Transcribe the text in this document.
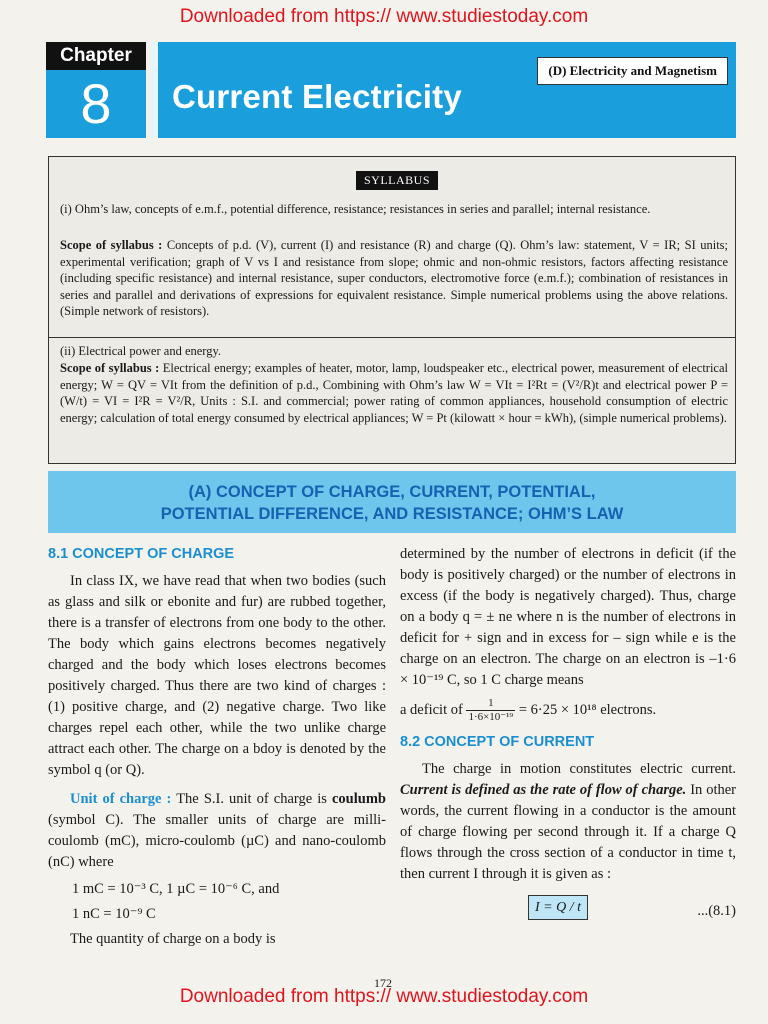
Downloaded from https:// www.studiestoday.com
Chapter
8	Current Electricity
(D) Electricity and Magnetism
SYLLABUS
(i) Ohm’s law, concepts of e.m.f., potential difference, resistance; resistances in series and parallel; internal resistance.
Scope of syllabus : Concepts of p.d. (V), current (I) and resistance (R) and charge (Q). Ohm’s law: statement, V = IR; SI units; experimental verification; graph of V vs I and resistance from slope; ohmic and non-ohmic resistors, factors affecting resistance (including specific resistance) and internal resistance, super conductors, electromotive force (e.m.f.); combination of resistances in series and parallel and derivations of expressions for equivalent resistance. Simple numerical problems using the above relations. (Simple network of resistors).
(ii) Electrical power and energy.
Scope of syllabus : Electrical energy; examples of heater, motor, lamp, loudspeaker etc., electrical power, measurement of electrical energy; W = QV = VIt from the definition of p.d., Combining with Ohm’s law W = VIt = I²Rt = (V²/R)t and electrical power P = (W/t) = VI = I²R = V²/R, Units : S.I. and commercial; power rating of common appliances, household consumption of electric energy; calculation of total energy consumed by electrical appliances; W = Pt (kilowatt × hour = kWh), (simple numerical problems).
(A) CONCEPT OF CHARGE, CURRENT, POTENTIAL,
POTENTIAL DIFFERENCE, AND RESISTANCE; OHM’S LAW

8.1 CONCEPT OF CHARGE

In class IX, we have read that when two bodies (such as glass and silk or ebonite and fur) are rubbed together, there is a transfer of electrons from one body to the other. The body which gains electrons becomes negatively charged and the body which loses electrons becomes positively charged. Thus there are two kind of charges : (1) positive charge, and (2) negative charge. Two like charges repel each other, while the two unlike charge attract each other. The charge on a bdoy is denoted by the symbol q (or Q).

Unit of charge : The S.I. unit of charge is coulumb (symbol C). The smaller units of charge are milli-coulomb (mC), micro-coulomb (µC) and nano-coulomb (nC) where

1 mC = 10⁻³ C, 1 µC = 10⁻⁶ C, and

1 nC = 10⁻⁹ C

The quantity of charge on a body is

determined by the number of electrons in deficit (if the body is positively charged) or the number of electrons in excess (if the body is negatively charged). Thus, charge on a body q = ± ne where n is the number of electrons in deficit for + sign and in excess for – sign while e is the charge on an electron. The charge on an electron is –1·6 × 10⁻¹⁹ C, so 1 C charge means

a deficit of $\frac{1}{\text{1·6×10⁻¹⁹}} = 6\cdot 25 \times 10^{18}$ electrons.

8.2 CONCEPT OF CURRENT

The charge in motion constitutes electric current. Current is defined as the rate of flow of charge. In other words, the current flowing in a conductor is the amount of charge flowing per second through it. If a charge Q flows through the cross section of a conductor in time t, then current I through it is given as :

I = Q / t	...(8.1)
172
Downloaded from https:// www.studiestoday.com
